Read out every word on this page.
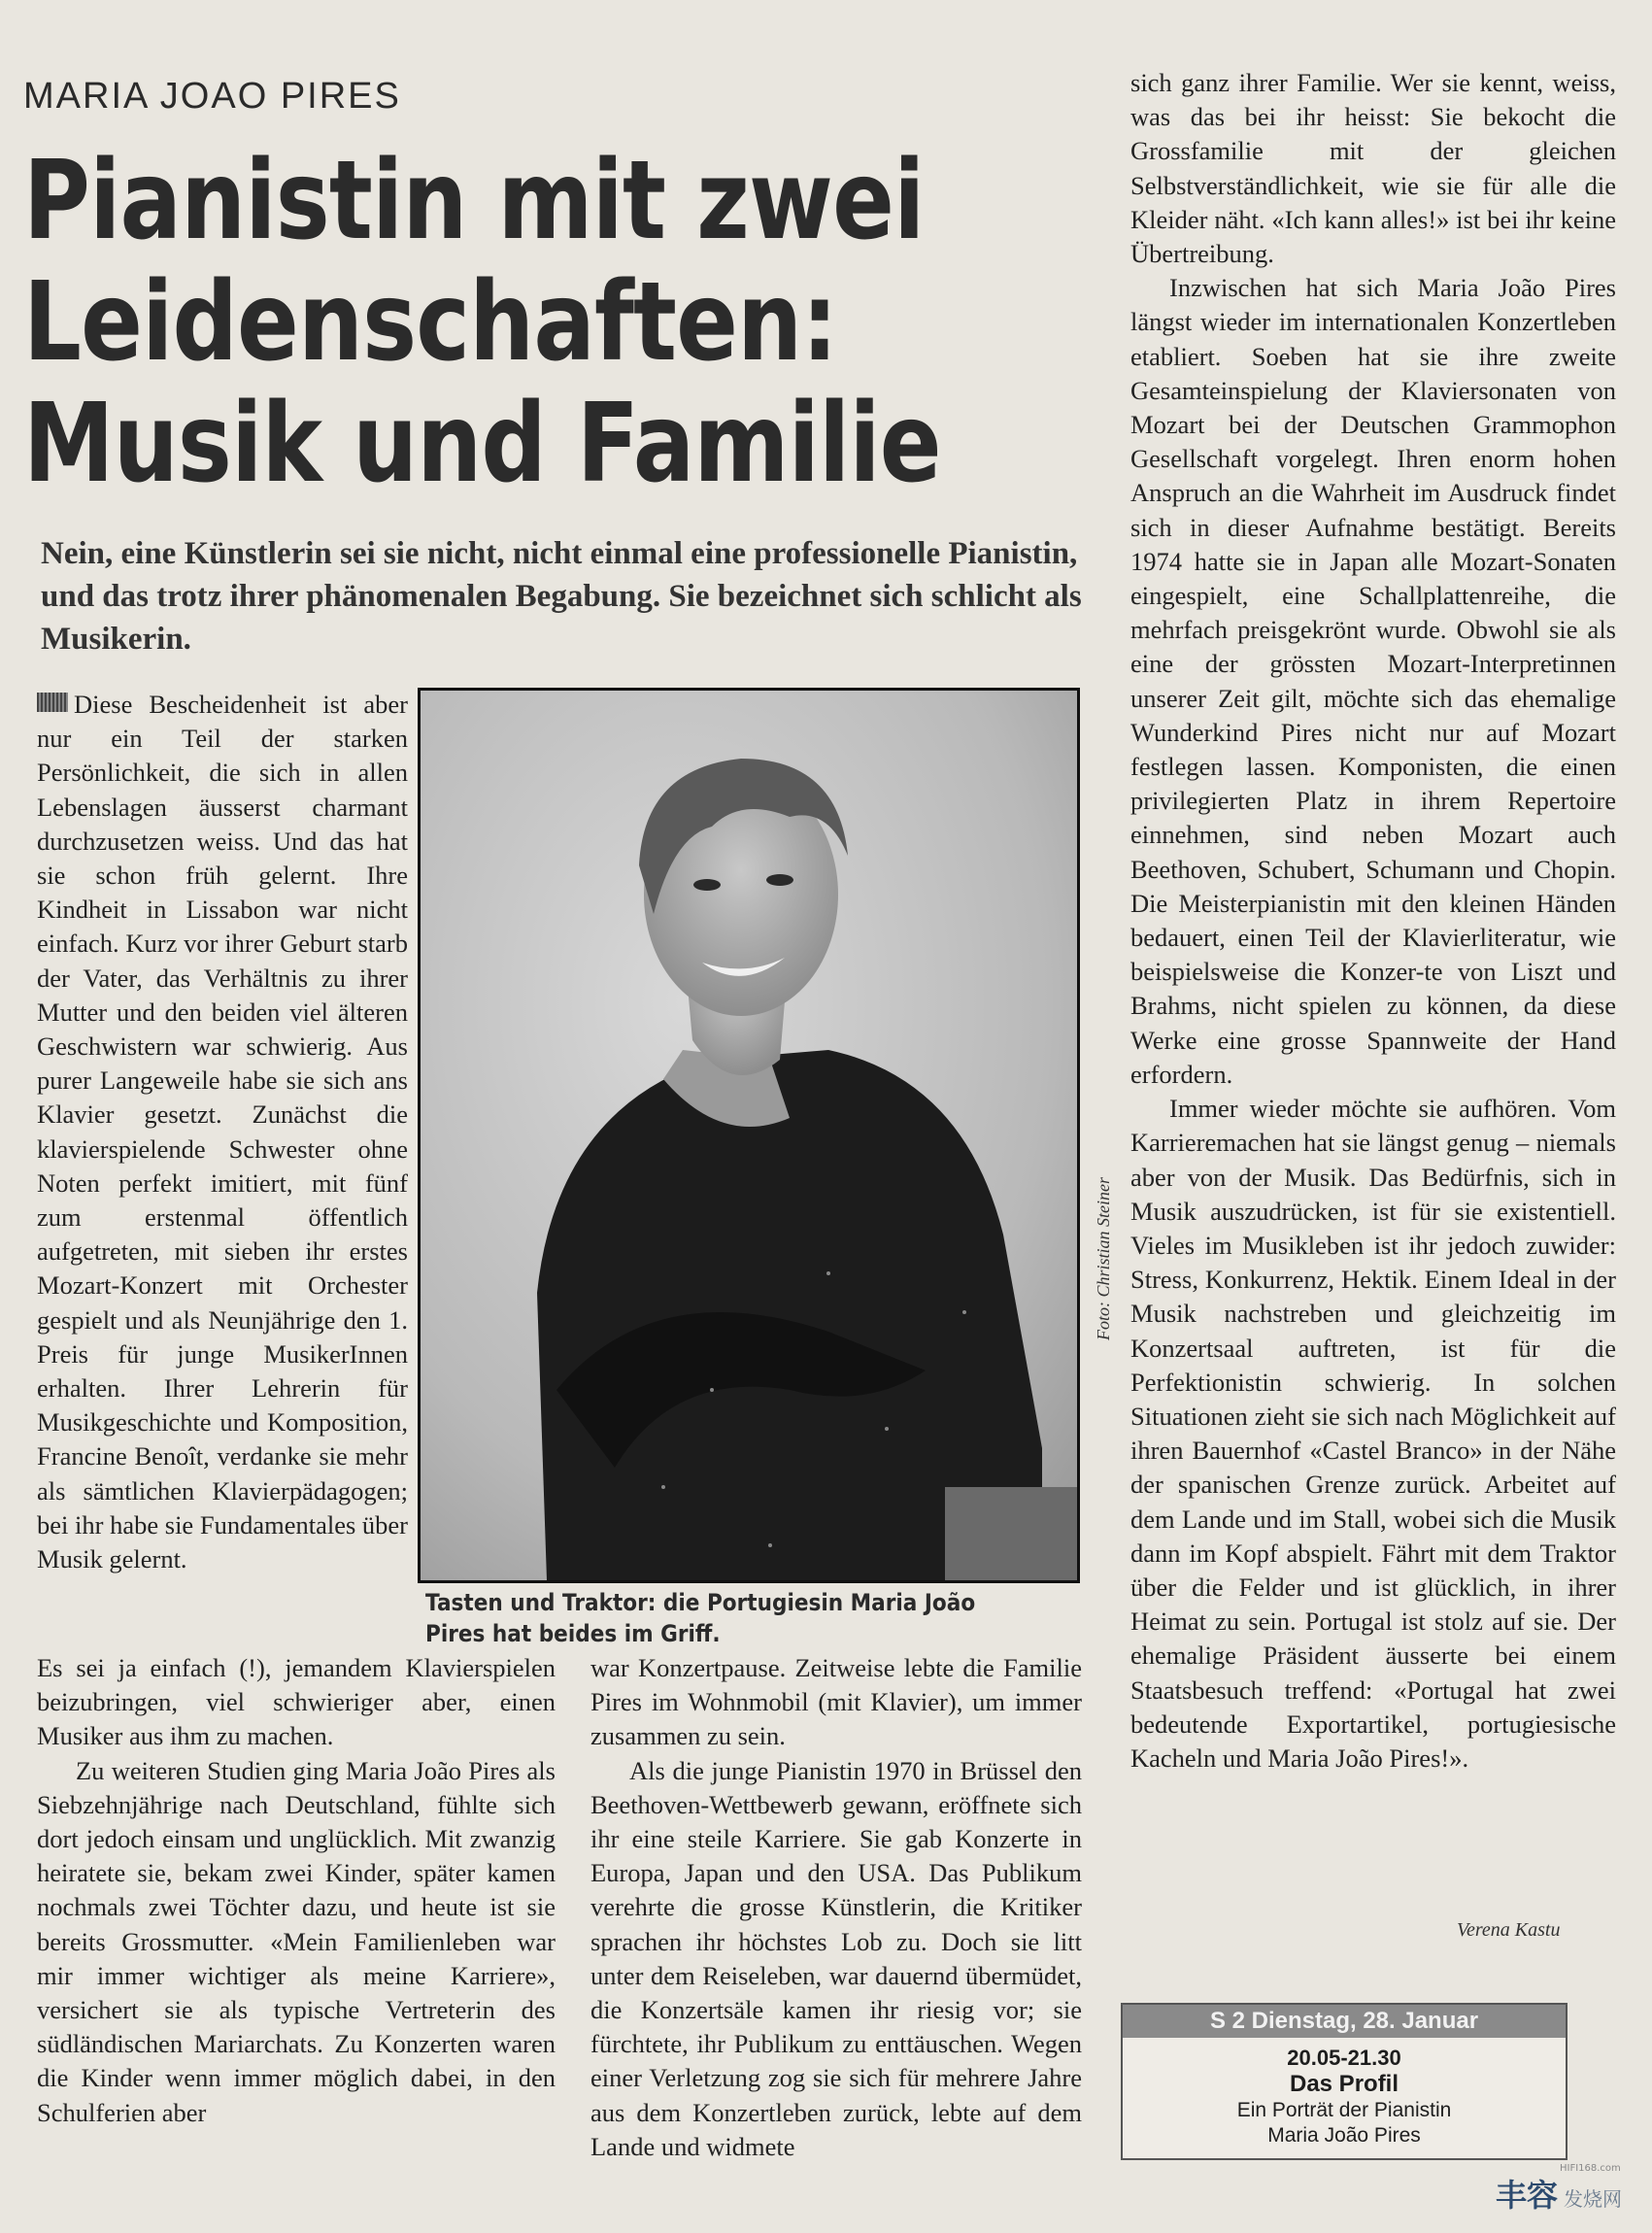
MARIA JOAO PIRES
Pianistin mit zwei
Leidenschaften:
Musik und Familie
Nein, eine Künstlerin sei sie nicht, nicht einmal eine professionelle Pianistin, und das trotz ihrer phänomenalen Begabung. Sie bezeichnet sich schlicht als Musikerin.

Diese Bescheidenheit ist aber nur ein Teil der starken Persönlichkeit, die sich in allen Lebenslagen äusserst charmant durchzusetzen weiss. Und das hat sie schon früh gelernt. Ihre Kindheit in Lissabon war nicht einfach. Kurz vor ihrer Geburt starb der Vater, das Verhältnis zu ihrer Mutter und den beiden viel älteren Geschwistern war schwierig. Aus purer Langeweile habe sie sich ans Klavier gesetzt. Zunächst die klavierspielende Schwester ohne Noten perfekt imitiert, mit fünf zum erstenmal öffentlich aufgetreten, mit sieben ihr erstes Mozart-Konzert mit Orchester gespielt und als Neunjährige den 1. Preis für junge MusikerInnen erhalten. Ihrer Lehrerin für Musikgeschichte und Komposition, Francine Benoît, verdanke sie mehr als sämtlichen Klavierpädagogen; bei ihr habe sie Fundamentales über Musik gelernt.

Foto: Christian Steiner
Tasten und Traktor: die Portugiesin Maria João Pires hat beides im Griff.

Es sei ja einfach (!), jemandem Klavierspielen beizubringen, viel schwieriger aber, einen Musiker aus ihm zu machen.

Zu weiteren Studien ging Maria João Pires als Siebzehnjährige nach Deutschland, fühlte sich dort jedoch einsam und unglücklich. Mit zwanzig heiratete sie, bekam zwei Kinder, später kamen nochmals zwei Töchter dazu, und heute ist sie bereits Grossmutter. «Mein Familienleben war mir immer wichtiger als meine Karriere», versichert sie als typische Vertreterin des südländischen Mariarchats. Zu Konzerten waren die Kinder wenn immer möglich dabei, in den Schulferien aber

war Konzertpause. Zeitweise lebte die Familie Pires im Wohnmobil (mit Klavier), um immer zusammen zu sein.

Als die junge Pianistin 1970 in Brüssel den Beethoven-Wettbewerb gewann, eröffnete sich ihr eine steile Karriere. Sie gab Konzerte in Europa, Japan und den USA. Das Publikum verehrte die grosse Künstlerin, die Kritiker sprachen ihr höchstes Lob zu. Doch sie litt unter dem Reiseleben, war dauernd übermüdet, die Konzertsäle kamen ihr riesig vor; sie fürchtete, ihr Publikum zu enttäuschen. Wegen einer Verletzung zog sie sich für mehrere Jahre aus dem Konzertleben zurück, lebte auf dem Lande und widmete

sich ganz ihrer Familie. Wer sie kennt, weiss, was das bei ihr heisst: Sie bekocht die Grossfamilie mit der gleichen Selbstverständlichkeit, wie sie für alle die Kleider näht. «Ich kann alles!» ist bei ihr keine Übertreibung.

Inzwischen hat sich Maria João Pires längst wieder im internationalen Konzertleben etabliert. Soeben hat sie ihre zweite Gesamteinspielung der Klaviersonaten von Mozart bei der Deutschen Grammophon Gesellschaft vorgelegt. Ihren enorm hohen Anspruch an die Wahrheit im Ausdruck findet sich in dieser Aufnahme bestätigt. Bereits 1974 hatte sie in Japan alle Mozart-Sonaten eingespielt, eine Schallplattenreihe, die mehrfach preisgekrönt wurde. Obwohl sie als eine der grössten Mozart-Interpretinnen unserer Zeit gilt, möchte sich das ehemalige Wunderkind Pires nicht nur auf Mozart festlegen lassen. Komponisten, die einen privilegierten Platz in ihrem Repertoire einnehmen, sind neben Mozart auch Beethoven, Schubert, Schumann und Chopin. Die Meisterpianistin mit den kleinen Händen bedauert, einen Teil der Klavierliteratur, wie beispielsweise die Konzer-te von Liszt und Brahms, nicht spielen zu können, da diese Werke eine grosse Spannweite der Hand erfordern.

Immer wieder möchte sie aufhören. Vom Karrieremachen hat sie längst genug – niemals aber von der Musik. Das Bedürfnis, sich in Musik auszudrücken, ist für sie existentiell. Vieles im Musikleben ist ihr jedoch zuwider: Stress, Konkurrenz, Hektik. Einem Ideal in der Musik nachstreben und gleichzeitig im Konzertsaal auftreten, ist für die Perfektionistin schwierig. In solchen Situationen zieht sie sich nach Möglichkeit auf ihren Bauernhof «Castel Branco» in der Nähe der spanischen Grenze zurück. Arbeitet auf dem Lande und im Stall, wobei sich die Musik dann im Kopf abspielt. Fährt mit dem Traktor über die Felder und ist glücklich, in ihrer Heimat zu sein. Portugal ist stolz auf sie. Der ehemalige Präsident äusserte bei einem Staatsbesuch treffend: «Portugal hat zwei bedeutende Exportartikel, portugiesische Kacheln und Maria João Pires!».

Verena Kastu
S 2 Dienstag, 28. Januar
20.05-21.30
Das Profil
Ein Porträt der Pianistin
Maria João Pires
丰容 发烧网
HIFI168.com
